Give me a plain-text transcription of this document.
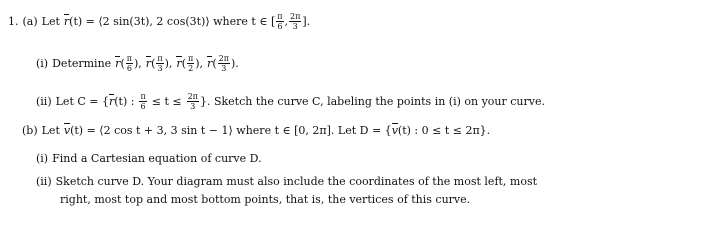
1. (a) Let r (t) = ⟨2 sin(3t), 2 cos(3t)⟩ where t ∈ [ $\frac{\pi}{6}$ , $\frac{2\pi}{3}$ ].
(i) Determine r ( $\frac{\pi}{6}$ ), r ( $\frac{\pi}{3}$ ), r ( $\frac{\pi}{2}$ ), r ( $\frac{2\pi}{3}$ ).
(ii) Let C = { r (t) : $\frac{\pi}{6} \le t \le \frac{2\pi}{3}$ }. Sketch the curve C, labeling the points in (i) on your curve.
(b) Let v (t) = ⟨2 cos t + 3, 3 sin t − 1⟩ where t ∈ [0, 2π]. Let D = { v (t) : 0 ≤ t ≤ 2π}.
(i) Find a Cartesian equation of curve D.
(ii) Sketch curve D. Your diagram must also include the coordinates of the most left, most
right, most top and most bottom points, that is, the vertices of this curve.
